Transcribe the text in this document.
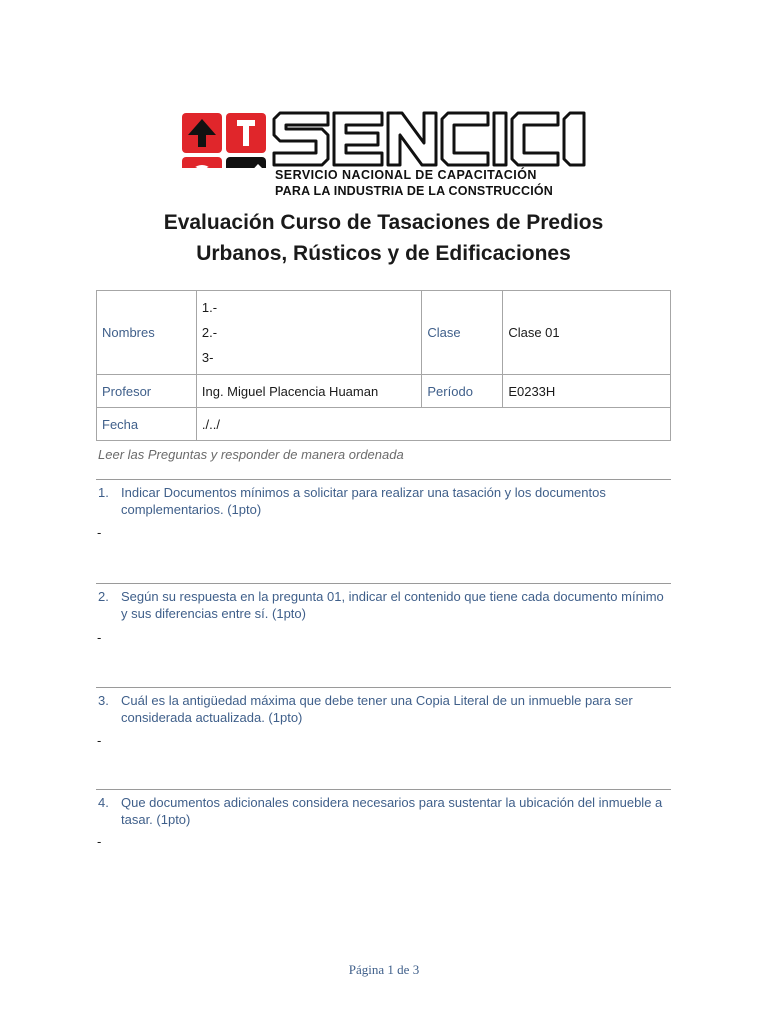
SERVICIO NACIONAL DE CAPACITACIÓN
PARA LA INDUSTRIA DE LA CONSTRUCCIÓN
Evaluación Curso de Tasaciones de Predios
Urbanos, Rústicos y de Edificaciones
Nombres	1.-
2.-
3-	Clase	Clase 01
Profesor	Ing. Miguel Placencia Huaman	Período	E0233H
Fecha	./../		
Leer las Preguntas y responder de manera ordenada
1. Indicar Documentos mínimos a solicitar para realizar una tasación y los documentos complementarios. (1pto)
-
2. Según su respuesta en la pregunta 01, indicar el contenido que tiene cada documento mínimo y sus diferencias entre sí. (1pto)
-
3. Cuál es la antigüedad máxima que debe tener una Copia Literal de un inmueble para ser considerada actualizada. (1pto)
-
4. Que documentos adicionales considera necesarios para sustentar la ubicación del inmueble a tasar. (1pto)
-
Página 1 de 3
